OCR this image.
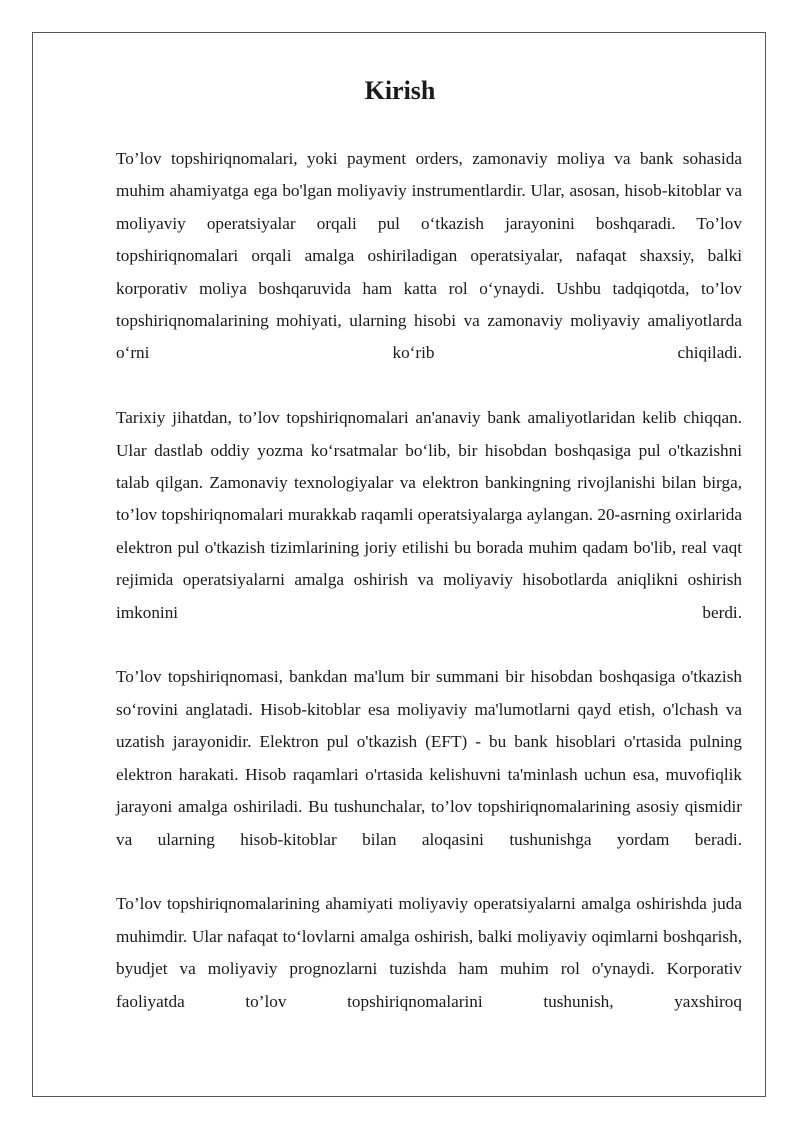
Kirish

To’lov topshiriqnomalari, yoki payment orders, zamonaviy moliya va bank sohasida muhim ahamiyatga ega bo'lgan moliyaviy instrumentlardir. Ular, asosan, hisob-kitoblar va moliyaviy operatsiyalar orqali pul o‘tkazish jarayonini boshqaradi. To’lov topshiriqnomalari orqali amalga oshiriladigan operatsiyalar, nafaqat shaxsiy, balki korporativ moliya boshqaruvida ham katta rol o‘ynaydi. Ushbu tadqiqotda, to’lov topshiriqnomalarining mohiyati, ularning hisobi va zamonaviy moliyaviy amaliyotlarda o‘rni ko‘rib chiqiladi.

Tarixiy jihatdan, to’lov topshiriqnomalari an'anaviy bank amaliyotlaridan kelib chiqqan. Ular dastlab oddiy yozma ko‘rsatmalar bo‘lib, bir hisobdan boshqasiga pul o'tkazishni talab qilgan. Zamonaviy texnologiyalar va elektron bankingning rivojlanishi bilan birga, to’lov topshiriqnomalari murakkab raqamli operatsiyalarga aylangan. 20-asrning oxirlarida elektron pul o'tkazish tizimlarining joriy etilishi bu borada muhim qadam bo'lib, real vaqt rejimida operatsiyalarni amalga oshirish va moliyaviy hisobotlarda aniqlikni oshirish imkonini berdi.

To’lov topshiriqnomasi, bankdan ma'lum bir summani bir hisobdan boshqasiga o'tkazish so‘rovini anglatadi. Hisob-kitoblar esa moliyaviy ma'lumotlarni qayd etish, o'lchash va uzatish jarayonidir. Elektron pul o'tkazish (EFT) - bu bank hisoblari o'rtasida pulning elektron harakati. Hisob raqamlari o'rtasida kelishuvni ta'minlash uchun esa, muvofiqlik jarayoni amalga oshiriladi. Bu tushunchalar, to’lov topshiriqnomalarining asosiy qismidir va ularning hisob-kitoblar bilan aloqasini tushunishga yordam beradi.

To’lov topshiriqnomalarining ahamiyati moliyaviy operatsiyalarni amalga oshirishda juda muhimdir. Ular nafaqat to‘lovlarni amalga oshirish, balki moliyaviy oqimlarni boshqarish, byudjet va moliyaviy prognozlarni tuzishda ham muhim rol o'ynaydi. Korporativ faoliyatda to’lov topshiriqnomalarini tushunish, yaxshiroq
